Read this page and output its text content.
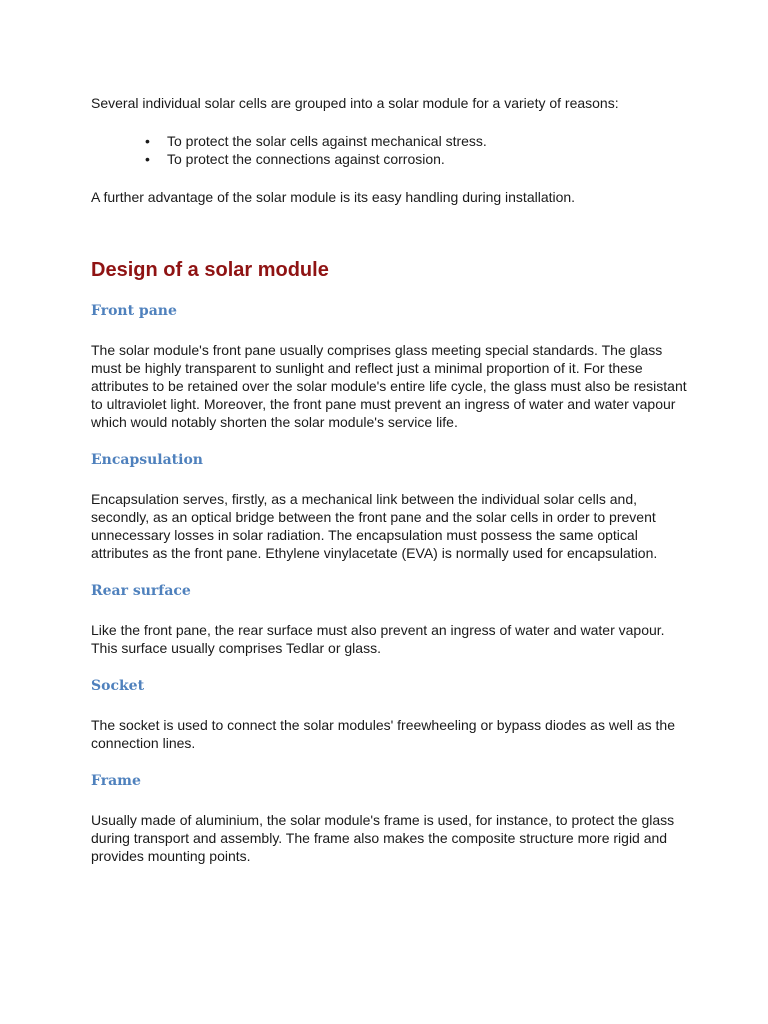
Several individual solar cells are grouped into a solar module for a variety of reasons:

• To protect the solar cells against mechanical stress.
• To protect the connections against corrosion.

A further advantage of the solar module is its easy handling during installation.

Design of a solar module
Front pane

The solar module's front pane usually comprises glass meeting special standards. The glass must be highly transparent to sunlight and reflect just a minimal proportion of it. For these attributes to be retained over the solar module's entire life cycle, the glass must also be resistant to ultraviolet light. Moreover, the front pane must prevent an ingress of water and water vapour which would notably shorten the solar module's service life.

Encapsulation

Encapsulation serves, firstly, as a mechanical link between the individual solar cells and, secondly, as an optical bridge between the front pane and the solar cells in order to prevent unnecessary losses in solar radiation. The encapsulation must possess the same optical attributes as the front pane. Ethylene vinylacetate (EVA) is normally used for encapsulation.

Rear surface

Like the front pane, the rear surface must also prevent an ingress of water and water vapour. This surface usually comprises Tedlar or glass.

Socket

The socket is used to connect the solar modules' freewheeling or bypass diodes as well as the connection lines.

Frame

Usually made of aluminium, the solar module's frame is used, for instance, to protect the glass during transport and assembly. The frame also makes the composite structure more rigid and provides mounting points.
